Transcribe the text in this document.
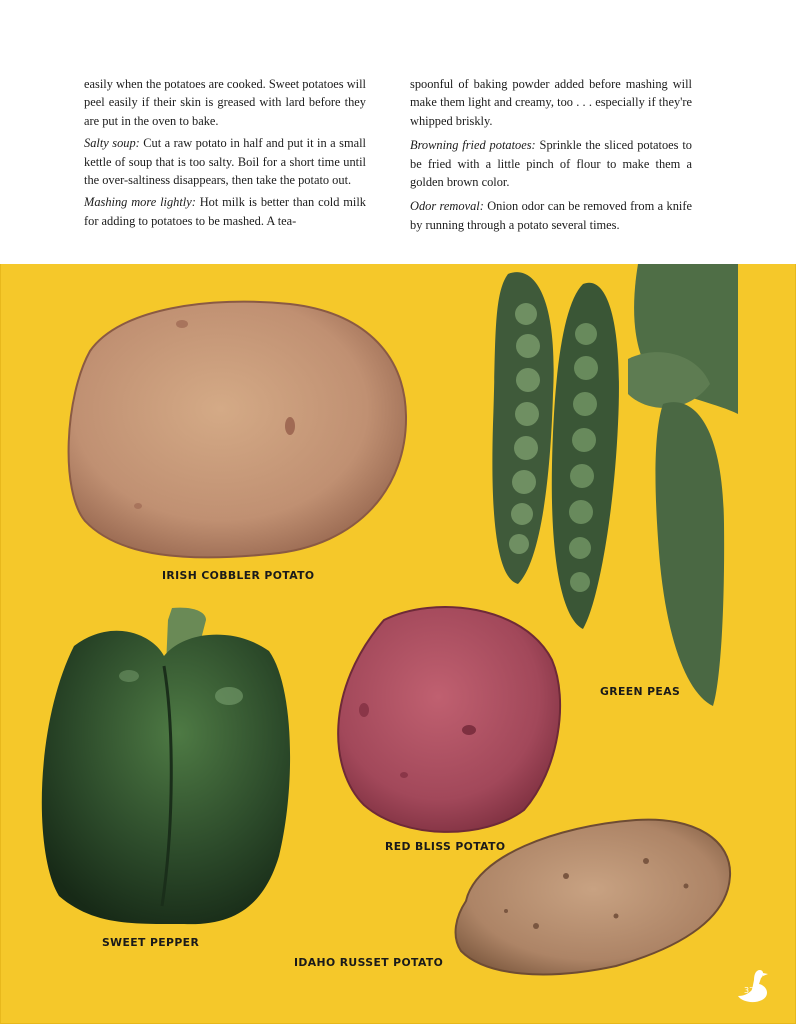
easily when the potatoes are cooked. Sweet potatoes will peel easily if their skin is greased with lard before they are put in the oven to bake.

Salty soup: Cut a raw potato in half and put it in a small kettle of soup that is too salty. Boil for a short time until the over-saltiness disappears, then take the potato out.

Mashing more lightly: Hot milk is better than cold milk for adding to potatoes to be mashed. A tea-

spoonful of baking powder added before mashing will make them light and creamy, too . . . especially if they're whipped briskly.

Browning fried potatoes: Sprinkle the sliced potatoes to be fried with a little pinch of flour to make them a golden brown color.

Odor removal: Onion odor can be removed from a knife by running through a potato several times.

IRISH COBBLER POTATO
GREEN PEAS
SWEET PEPPER
RED BLISS POTATO
IDAHO RUSSET POTATO
37
